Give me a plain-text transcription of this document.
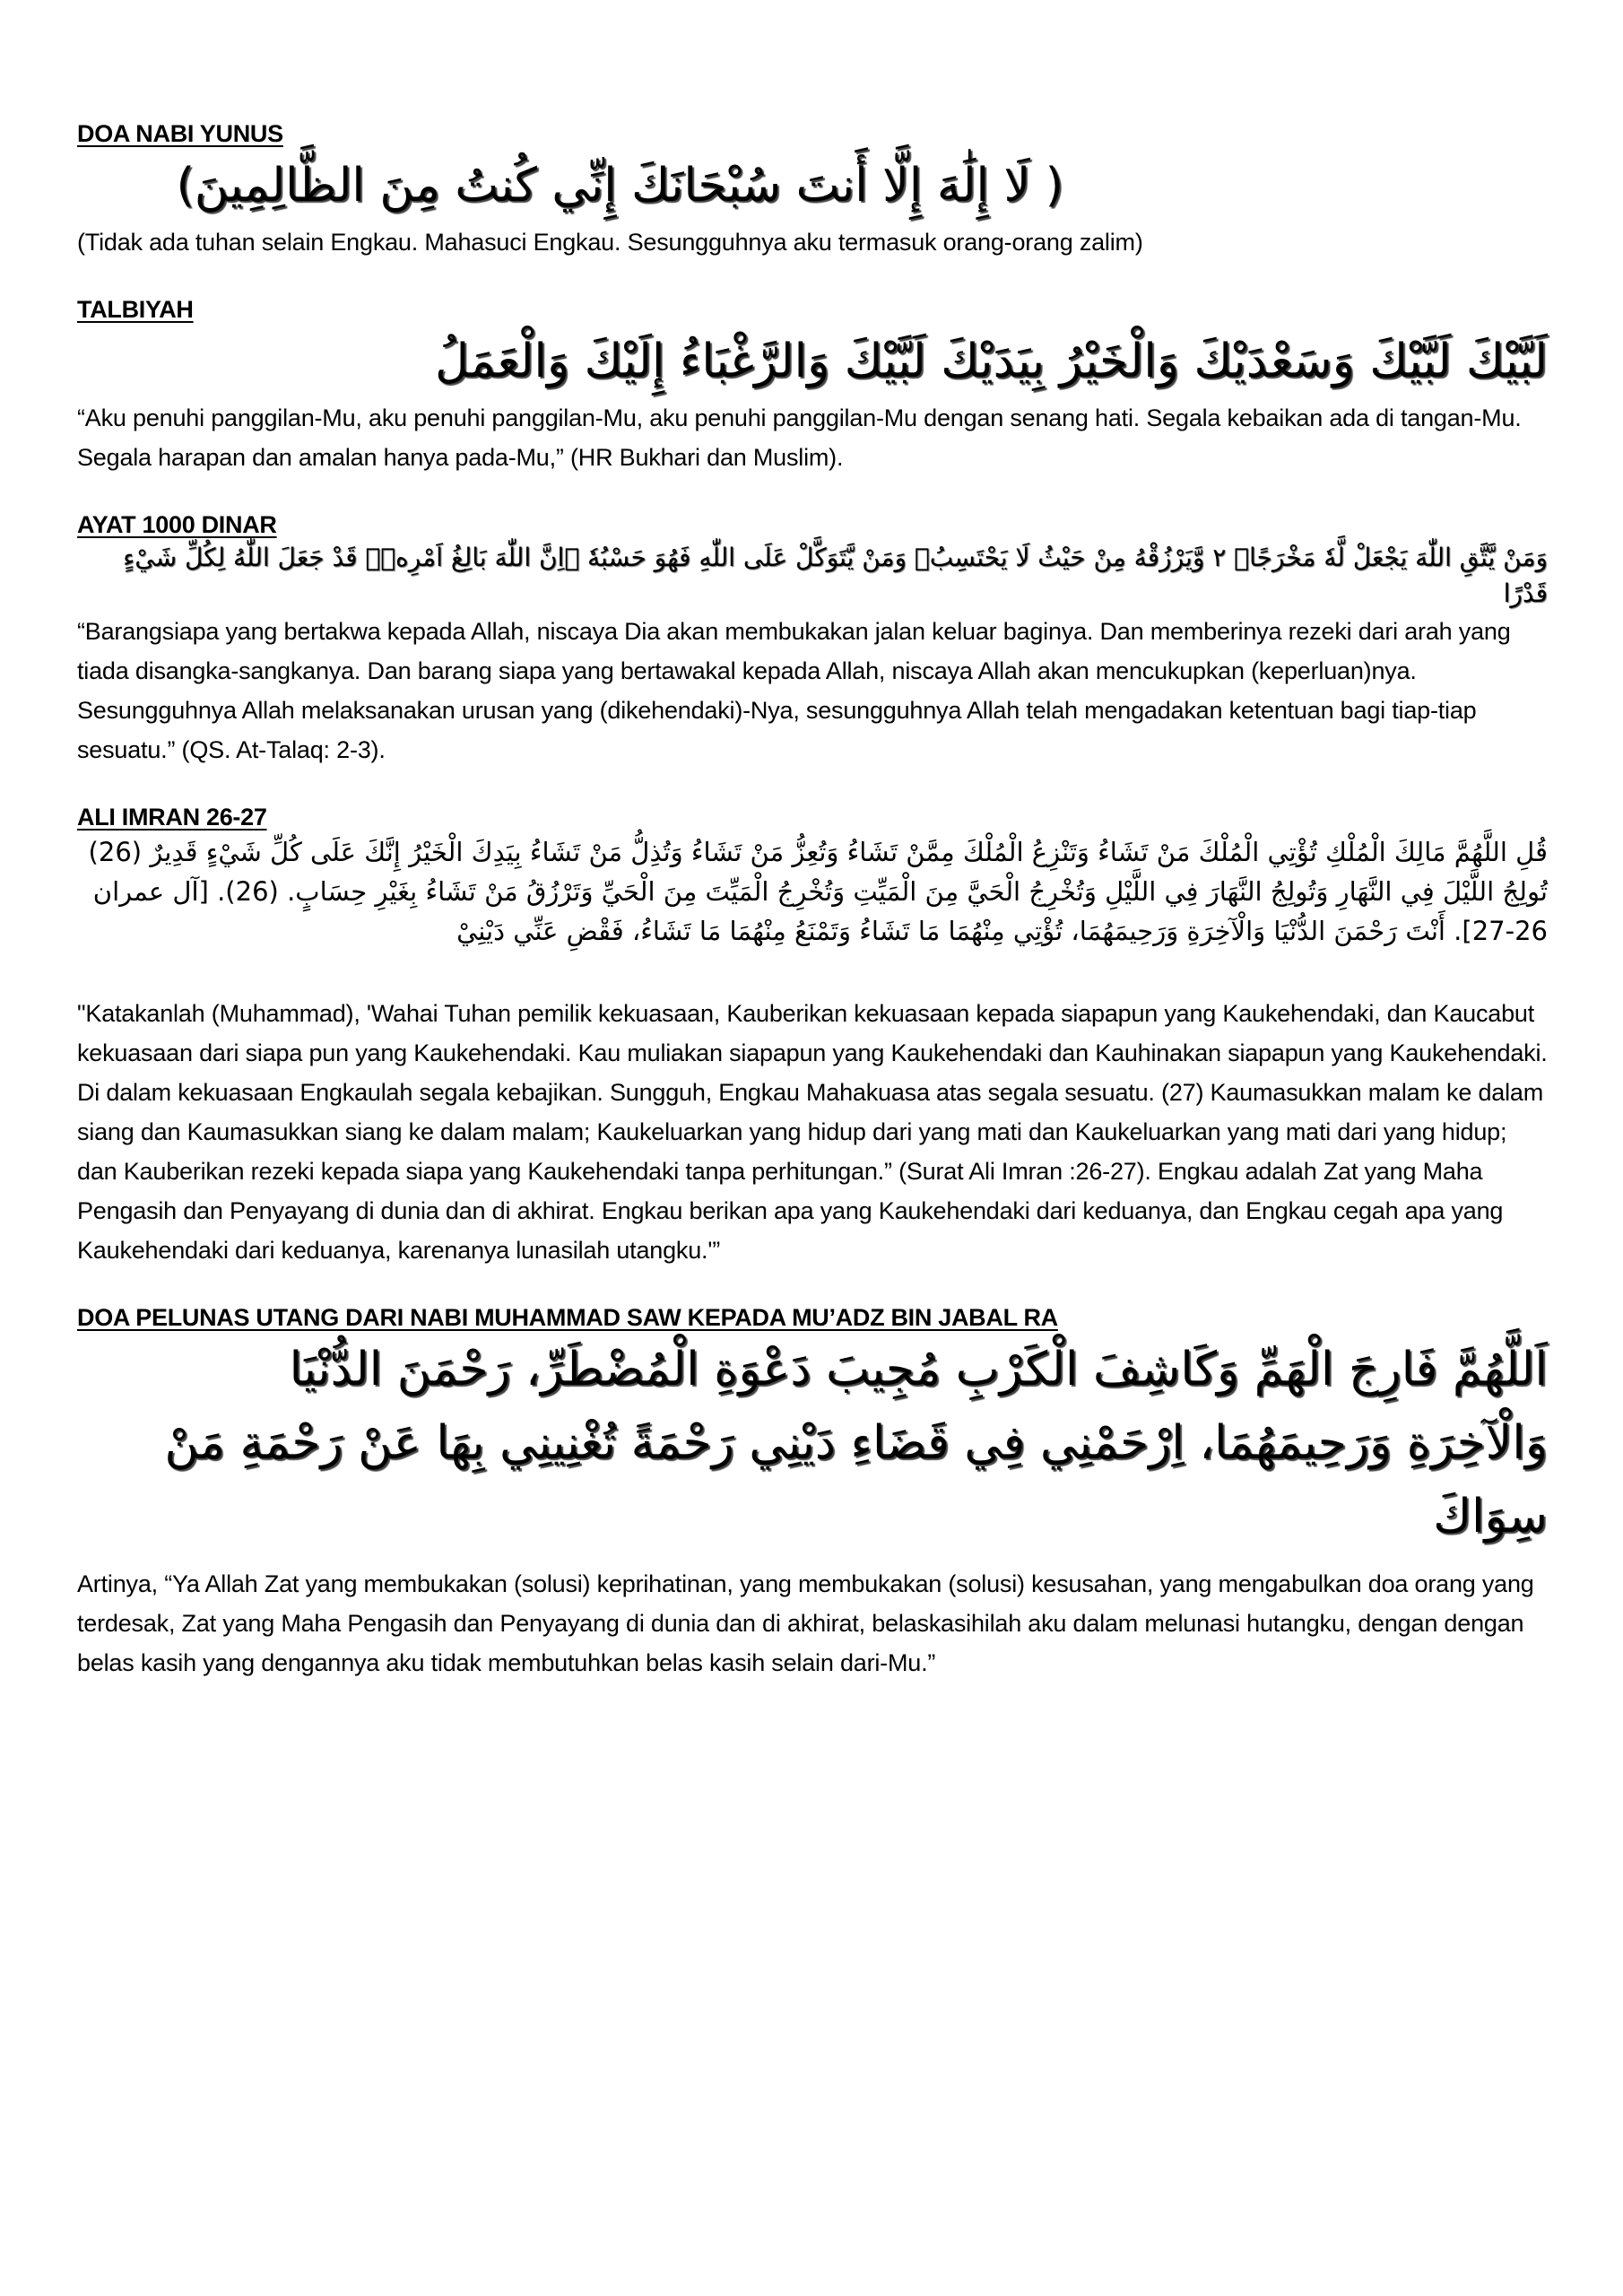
DOA NABI YUNUS
( لَا إِلَٰهَ إِلَّا أَنتَ سُبْحَانَكَ إِنِّي كُنتُ مِنَ الظَّالِمِينَ)
(Tidak ada tuhan selain Engkau. Mahasuci Engkau. Sesungguhnya aku termasuk orang-orang zalim)
TALBIYAH
لَبَّيْكَ لَبَّيْكَ وَسَعْدَيْكَ وَالْخَيْرُ بِيَدَيْكَ لَبَّيْكَ وَالرَّغْبَاءُ إِلَيْكَ وَالْعَمَلُ
“Aku penuhi panggilan-Mu, aku penuhi panggilan-Mu, aku penuhi panggilan-Mu dengan senang hati. Segala kebaikan ada di tangan-Mu. Segala harapan dan amalan hanya pada-Mu,” (HR Bukhari dan Muslim).
AYAT 1000 DINAR
وَمَنْ يَّتَّقِ اللّٰهَ يَجْعَلْ لَّهٗ مَخْرَجًاۙ ٢ وَّيَرْزُقْهُ مِنْ حَيْثُ لَا يَحْتَسِبُۗ وَمَنْ يَّتَوَكَّلْ عَلَى اللّٰهِ فَهُوَ حَسْبُهٗ ۗاِنَّ اللّٰهَ بَالِغُ اَمْرِهٖۗ قَدْ جَعَلَ اللّٰهُ لِكُلِّ شَيْءٍ قَدْرًا
“Barangsiapa yang bertakwa kepada Allah, niscaya Dia akan membukakan jalan keluar baginya. Dan memberinya rezeki dari arah yang tiada disangka-sangkanya. Dan barang siapa yang bertawakal kepada Allah, niscaya Allah akan mencukupkan (keperluan)nya. Sesungguhnya Allah melaksanakan urusan yang (dikehendaki)-Nya, sesungguhnya Allah telah mengadakan ketentuan bagi tiap-tiap sesuatu.” (QS. At-Talaq: 2-3).
ALI IMRAN 26-27
قُلِ اللَّهُمَّ مَالِكَ الْمُلْكِ تُؤْتِي الْمُلْكَ مَنْ تَشَاءُ وَتَنْزِعُ الْمُلْكَ مِمَّنْ تَشَاءُ وَتُعِزُّ مَنْ تَشَاءُ وَتُذِلُّ مَنْ تَشَاءُ بِيَدِكَ الْخَيْرُ إِنَّكَ عَلَى كُلِّ شَيْءٍ قَدِيرٌ (26) تُولِجُ اللَّيْلَ فِي النَّهَارِ وَتُولِجُ النَّهَارَ فِي اللَّيْلِ وَتُخْرِجُ الْحَيَّ مِنَ الْمَيِّتِ وَتُخْرِجُ الْمَيِّتَ مِنَ الْحَيِّ وَتَرْزُقُ مَنْ تَشَاءُ بِغَيْرِ حِسَابٍ. (26). [آل عمران 26-27]. أَنْتَ رَحْمَنَ الدُّنْيَا وَالْآخِرَةِ وَرَحِيمَهُمَا، تُؤْتِي مِنْهُمَا مَا تَشَاءُ وَتَمْنَعُ مِنْهُمَا مَا تَشَاءُ، فَقْضِ عَنِّي دَيْنِيْ
"Katakanlah (Muhammad), 'Wahai Tuhan pemilik kekuasaan, Kauberikan kekuasaan kepada siapapun yang Kaukehendaki, dan Kaucabut kekuasaan dari siapa pun yang Kaukehendaki. Kau muliakan siapapun yang Kaukehendaki dan Kauhinakan siapapun yang Kaukehendaki. Di dalam kekuasaan Engkaulah segala kebajikan. Sungguh, Engkau Mahakuasa atas segala sesuatu. (27) Kaumasukkan malam ke dalam siang dan Kaumasukkan siang ke dalam malam; Kaukeluarkan yang hidup dari yang mati dan Kaukeluarkan yang mati dari yang hidup; dan Kauberikan rezeki kepada siapa yang Kaukehendaki tanpa perhitungan.” (Surat Ali Imran :26-27). Engkau adalah Zat yang Maha Pengasih dan Penyayang di dunia dan di akhirat. Engkau berikan apa yang Kaukehendaki dari keduanya, dan Engkau cegah apa yang Kaukehendaki dari keduanya, karenanya lunasilah utangku.'”
DOA PELUNAS UTANG DARI NABI MUHAMMAD SAW KEPADA MU’ADZ BIN JABAL RA
اَللَّهُمَّ فَارِجَ الْهَمِّ وَكَاشِفَ الْكَرْبِ مُجِيبَ دَعْوَةِ الْمُضْطَرِّ، رَحْمَنَ الدُّنْيَا
وَالْآخِرَةِ وَرَحِيمَهُمَا، اِرْحَمْنِي فِي قَضَاءِ دَيْنِي رَحْمَةً تُغْنِينِي بِهَا عَنْ رَحْمَةِ مَنْ سِوَاكَ
Artinya, “Ya Allah Zat yang membukakan (solusi) keprihatinan, yang membukakan (solusi) kesusahan, yang mengabulkan doa orang yang terdesak, Zat yang Maha Pengasih dan Penyayang di dunia dan di akhirat, belaskasihilah aku dalam melunasi hutangku, dengan dengan belas kasih yang dengannya aku tidak membutuhkan belas kasih selain dari-Mu.”
